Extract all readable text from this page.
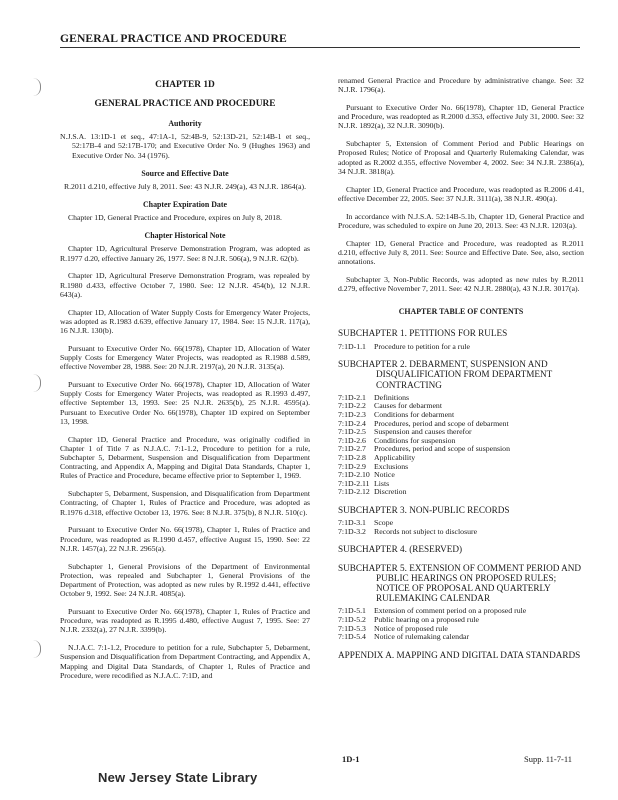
GENERAL PRACTICE AND PROCEDURE
CHAPTER 1D
GENERAL PRACTICE AND PROCEDURE
Authority
N.J.S.A. 13:1D-1 et seq., 47:1A-1, 52:4B-9, 52:13D-21, 52:14B-1 et seq., 52:17B-4 and 52:17B-170; and Executive Order No. 9 (Hughes 1963) and Executive Order No. 34 (1976).
Source and Effective Date
R.2011 d.210, effective July 8, 2011. See: 43 N.J.R. 249(a), 43 N.J.R. 1864(a).
Chapter Expiration Date

Chapter 1D, General Practice and Procedure, expires on July 8, 2018.

Chapter Historical Note

Chapter 1D, Agricultural Preserve Demonstration Program, was adopted as R.1977 d.20, effective January 26, 1977. See: 8 N.J.R. 506(a), 9 N.J.R. 62(b).

Chapter 1D, Agricultural Preserve Demonstration Program, was repealed by R.1980 d.433, effective October 7, 1980. See: 12 N.J.R. 454(b), 12 N.J.R. 643(a).

Chapter 1D, Allocation of Water Supply Costs for Emergency Water Projects, was adopted as R.1983 d.639, effective January 17, 1984. See: 15 N.J.R. 117(a), 16 N.J.R. 130(b).

Pursuant to Executive Order No. 66(1978), Chapter 1D, Allocation of Water Supply Costs for Emergency Water Projects, was readopted as R.1988 d.589, effective November 28, 1988. See: 20 N.J.R. 2197(a), 20 N.J.R. 3135(a).

Pursuant to Executive Order No. 66(1978), Chapter 1D, Allocation of Water Supply Costs for Emergency Water Projects, was readopted as R.1993 d.497, effective September 13, 1993. See: 25 N.J.R. 2635(b), 25 N.J.R. 4595(a). Pursuant to Executive Order No. 66(1978), Chapter 1D expired on September 13, 1998.

Chapter 1D, General Practice and Procedure, was originally codified in Chapter 1 of Title 7 as N.J.A.C. 7:1-1.2, Procedure to petition for a rule, Subchapter 5, Debarment, Suspension and Disqualification from Department Contracting, and Appendix A, Mapping and Digital Data Standards, Chapter 1, Rules of Practice and Procedure, became effective prior to September 1, 1969.

Subchapter 5, Debarment, Suspension, and Disqualification from Department Contracting, of Chapter 1, Rules of Practice and Procedure, was adopted as R.1976 d.318, effective October 13, 1976. See: 8 N.J.R. 375(b), 8 N.J.R. 510(c).

Pursuant to Executive Order No. 66(1978), Chapter 1, Rules of Practice and Procedure, was readopted as R.1990 d.457, effective August 15, 1990. See: 22 N.J.R. 1457(a), 22 N.J.R. 2965(a).

Subchapter 1, General Provisions of the Department of Environmental Protection, was repealed and Subchapter 1, General Provisions of the Department of Protection, was adopted as new rules by R.1992 d.441, effective October 9, 1992. See: 24 N.J.R. 4085(a).

Pursuant to Executive Order No. 66(1978), Chapter 1, Rules of Practice and Procedure, was readopted as R.1995 d.480, effective August 7, 1995. See: 27 N.J.R. 2332(a), 27 N.J.R. 3399(b).

N.J.A.C. 7:1-1.2, Procedure to petition for a rule, Subchapter 5, Debarment, Suspension and Disqualification from Department Contracting, and Appendix A, Mapping and Digital Data Standards, of Chapter 1, Rules of Practice and Procedure, were recodified as N.J.A.C. 7:1D, and

renamed General Practice and Procedure by administrative change. See: 32 N.J.R. 1796(a).

Pursuant to Executive Order No. 66(1978), Chapter 1D, General Practice and Procedure, was readopted as R.2000 d.353, effective July 31, 2000. See: 32 N.J.R. 1892(a), 32 N.J.R. 3090(b).

Subchapter 5, Extension of Comment Period and Public Hearings on Proposed Rules; Notice of Proposal and Quarterly Rulemaking Calendar, was adopted as R.2002 d.355, effective November 4, 2002. See: 34 N.J.R. 2386(a), 34 N.J.R. 3818(a).

Chapter 1D, General Practice and Procedure, was readopted as R.2006 d.41, effective December 22, 2005. See: 37 N.J.R. 3111(a), 38 N.J.R. 490(a).

In accordance with N.J.S.A. 52:14B-5.1b, Chapter 1D, General Practice and Procedure, was scheduled to expire on June 20, 2013. See: 43 N.J.R. 1203(a).

Chapter 1D, General Practice and Procedure, was readopted as R.2011 d.210, effective July 8, 2011. See: Source and Effective Date. See, also, section annotations.

Subchapter 3, Non-Public Records, was adopted as new rules by R.2011 d.279, effective November 7, 2011. See: 42 N.J.R. 2880(a), 43 N.J.R. 3017(a).

CHAPTER TABLE OF CONTENTS
SUBCHAPTER 1. PETITIONS FOR RULES
7:1D-1.1	Procedure to petition for a rule
SUBCHAPTER 2. DEBARMENT, SUSPENSION AND DISQUALIFICATION FROM DEPARTMENT CONTRACTING
7:1D-2.1	Definitions
7:1D-2.2	Causes for debarment
7:1D-2.3	Conditions for debarment
7:1D-2.4	Procedures, period and scope of debarment
7:1D-2.5	Suspension and causes therefor
7:1D-2.6	Conditions for suspension
7:1D-2.7	Procedures, period and scope of suspension
7:1D-2.8	Applicability
7:1D-2.9	Exclusions
7:1D-2.10 Notice
7:1D-2.11 Lists
7:1D-2.12 Discretion
SUBCHAPTER 3. NON-PUBLIC RECORDS
7:1D-3.1	Scope
7:1D-3.2	Records not subject to disclosure
SUBCHAPTER 4. (RESERVED)
SUBCHAPTER 5. EXTENSION OF COMMENT PERIOD AND PUBLIC HEARINGS ON PROPOSED RULES; NOTICE OF PROPOSAL AND QUARTERLY RULEMAKING CALENDAR
7:1D-5.1	Extension of comment period on a proposed rule
7:1D-5.2	Public hearing on a proposed rule
7:1D-5.3	Notice of proposed rule
7:1D-5.4	Notice of rulemaking calendar
APPENDIX A. MAPPING AND DIGITAL DATA STANDARDS
New Jersey State Library
1D-1	Supp. 11-7-11
